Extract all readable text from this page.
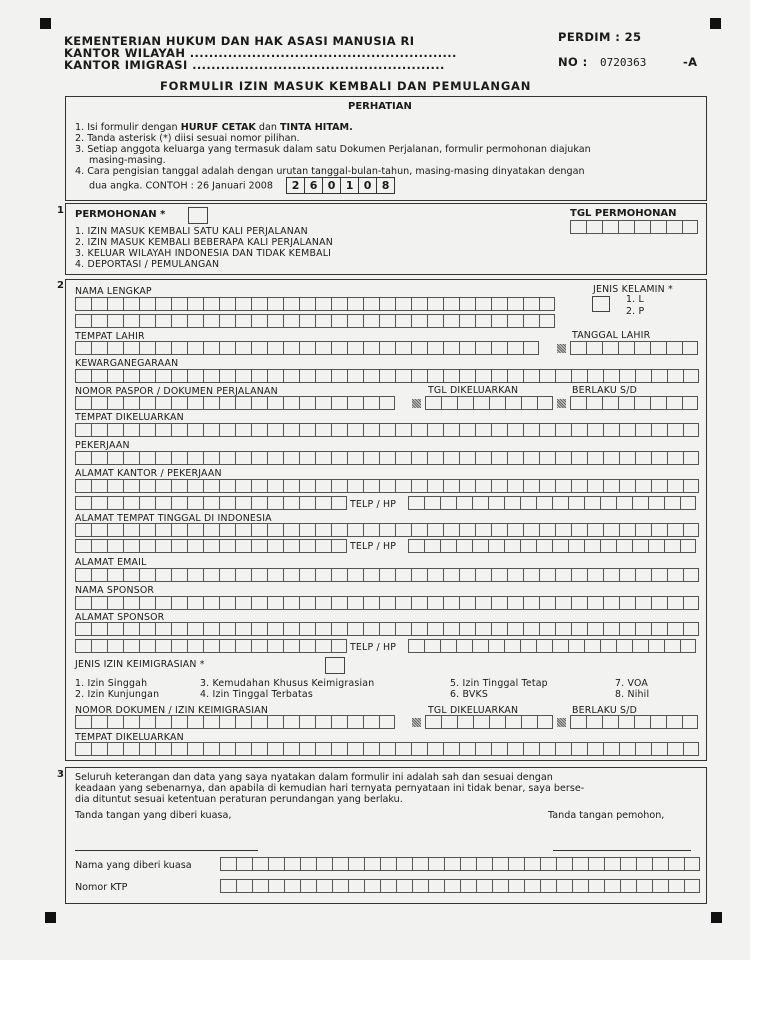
KEMENTERIAN HUKUM DAN HAK ASASI MANUSIA RI
KANTOR WILAYAH ........................................................
KANTOR IMIGRASI .....................................................
PERDIM : 25
NO : 0720363	-A
FORMULIR IZIN MASUK KEMBALI DAN PEMULANGAN
PERHATIAN
1. Isi formulir dengan HURUF CETAK dan TINTA HITAM.
2. Tanda asterisk (*) diisi sesuai nomor pilihan.
3. Setiap anggota keluarga yang termasuk dalam satu Dokumen Perjalanan, formulir permohonan diajukan
masing-masing.
4. Cara pengisian tanggal adalah dengan urutan tanggal-bulan-tahun, masing-masing dinyatakan dengan
dua angka. CONTOH : 26 Januari 2008	2 6 0 1 0 8
1 PERMOHONAN *	TGL PERMOHONAN
1. IZIN MASUK KEMBALI SATU KALI PERJALANAN
2. IZIN MASUK KEMBALI BEBERAPA KALI PERJALANAN
3. KELUAR WILAYAH INDONESIA DAN TIDAK KEMBALI
4. DEPORTASI / PEMULANGAN
2
NAMA LENGKAP	JENIS KELAMIN *
1. L
2. P
TEMPAT LAHIR	TANGGAL LAHIR
KEWARGANEGARAAN
NOMOR PASPOR / DOKUMEN PERJALANAN	TGL DIKELUARKAN	BERLAKU S/D
TEMPAT DIKELUARKAN
PEKERJAAN
ALAMAT KANTOR / PEKERJAAN
TELP / HP
ALAMAT TEMPAT TINGGAL DI INDONESIA
TELP / HP
ALAMAT EMAIL
NAMA SPONSOR
ALAMAT SPONSOR
TELP / HP
JENIS IZIN KEIMIGRASIAN *
1. Izin Singgah
2. Izin Kunjungan
3. Kemudahan Khusus Keimigrasian
4. Izin Tinggal Terbatas
5. Izin Tinggal Tetap
6. BVKS
7. VOA
8. Nihil
NOMOR DOKUMEN / IZIN KEIMIGRASIAN	TGL DIKELUARKAN	BERLAKU S/D
TEMPAT DIKELUARKAN
3 Seluruh keterangan dan data yang saya nyatakan dalam formulir ini adalah sah dan sesuai dengan
keadaan yang sebenarnya, dan apabila di kemudian hari ternyata pernyataan ini tidak benar, saya berse-
dia dituntut sesuai ketentuan peraturan perundangan yang berlaku.
Tanda tangan yang diberi kuasa,	Tanda tangan pemohon,
Nama yang diberi kuasa
Nomor KTP
